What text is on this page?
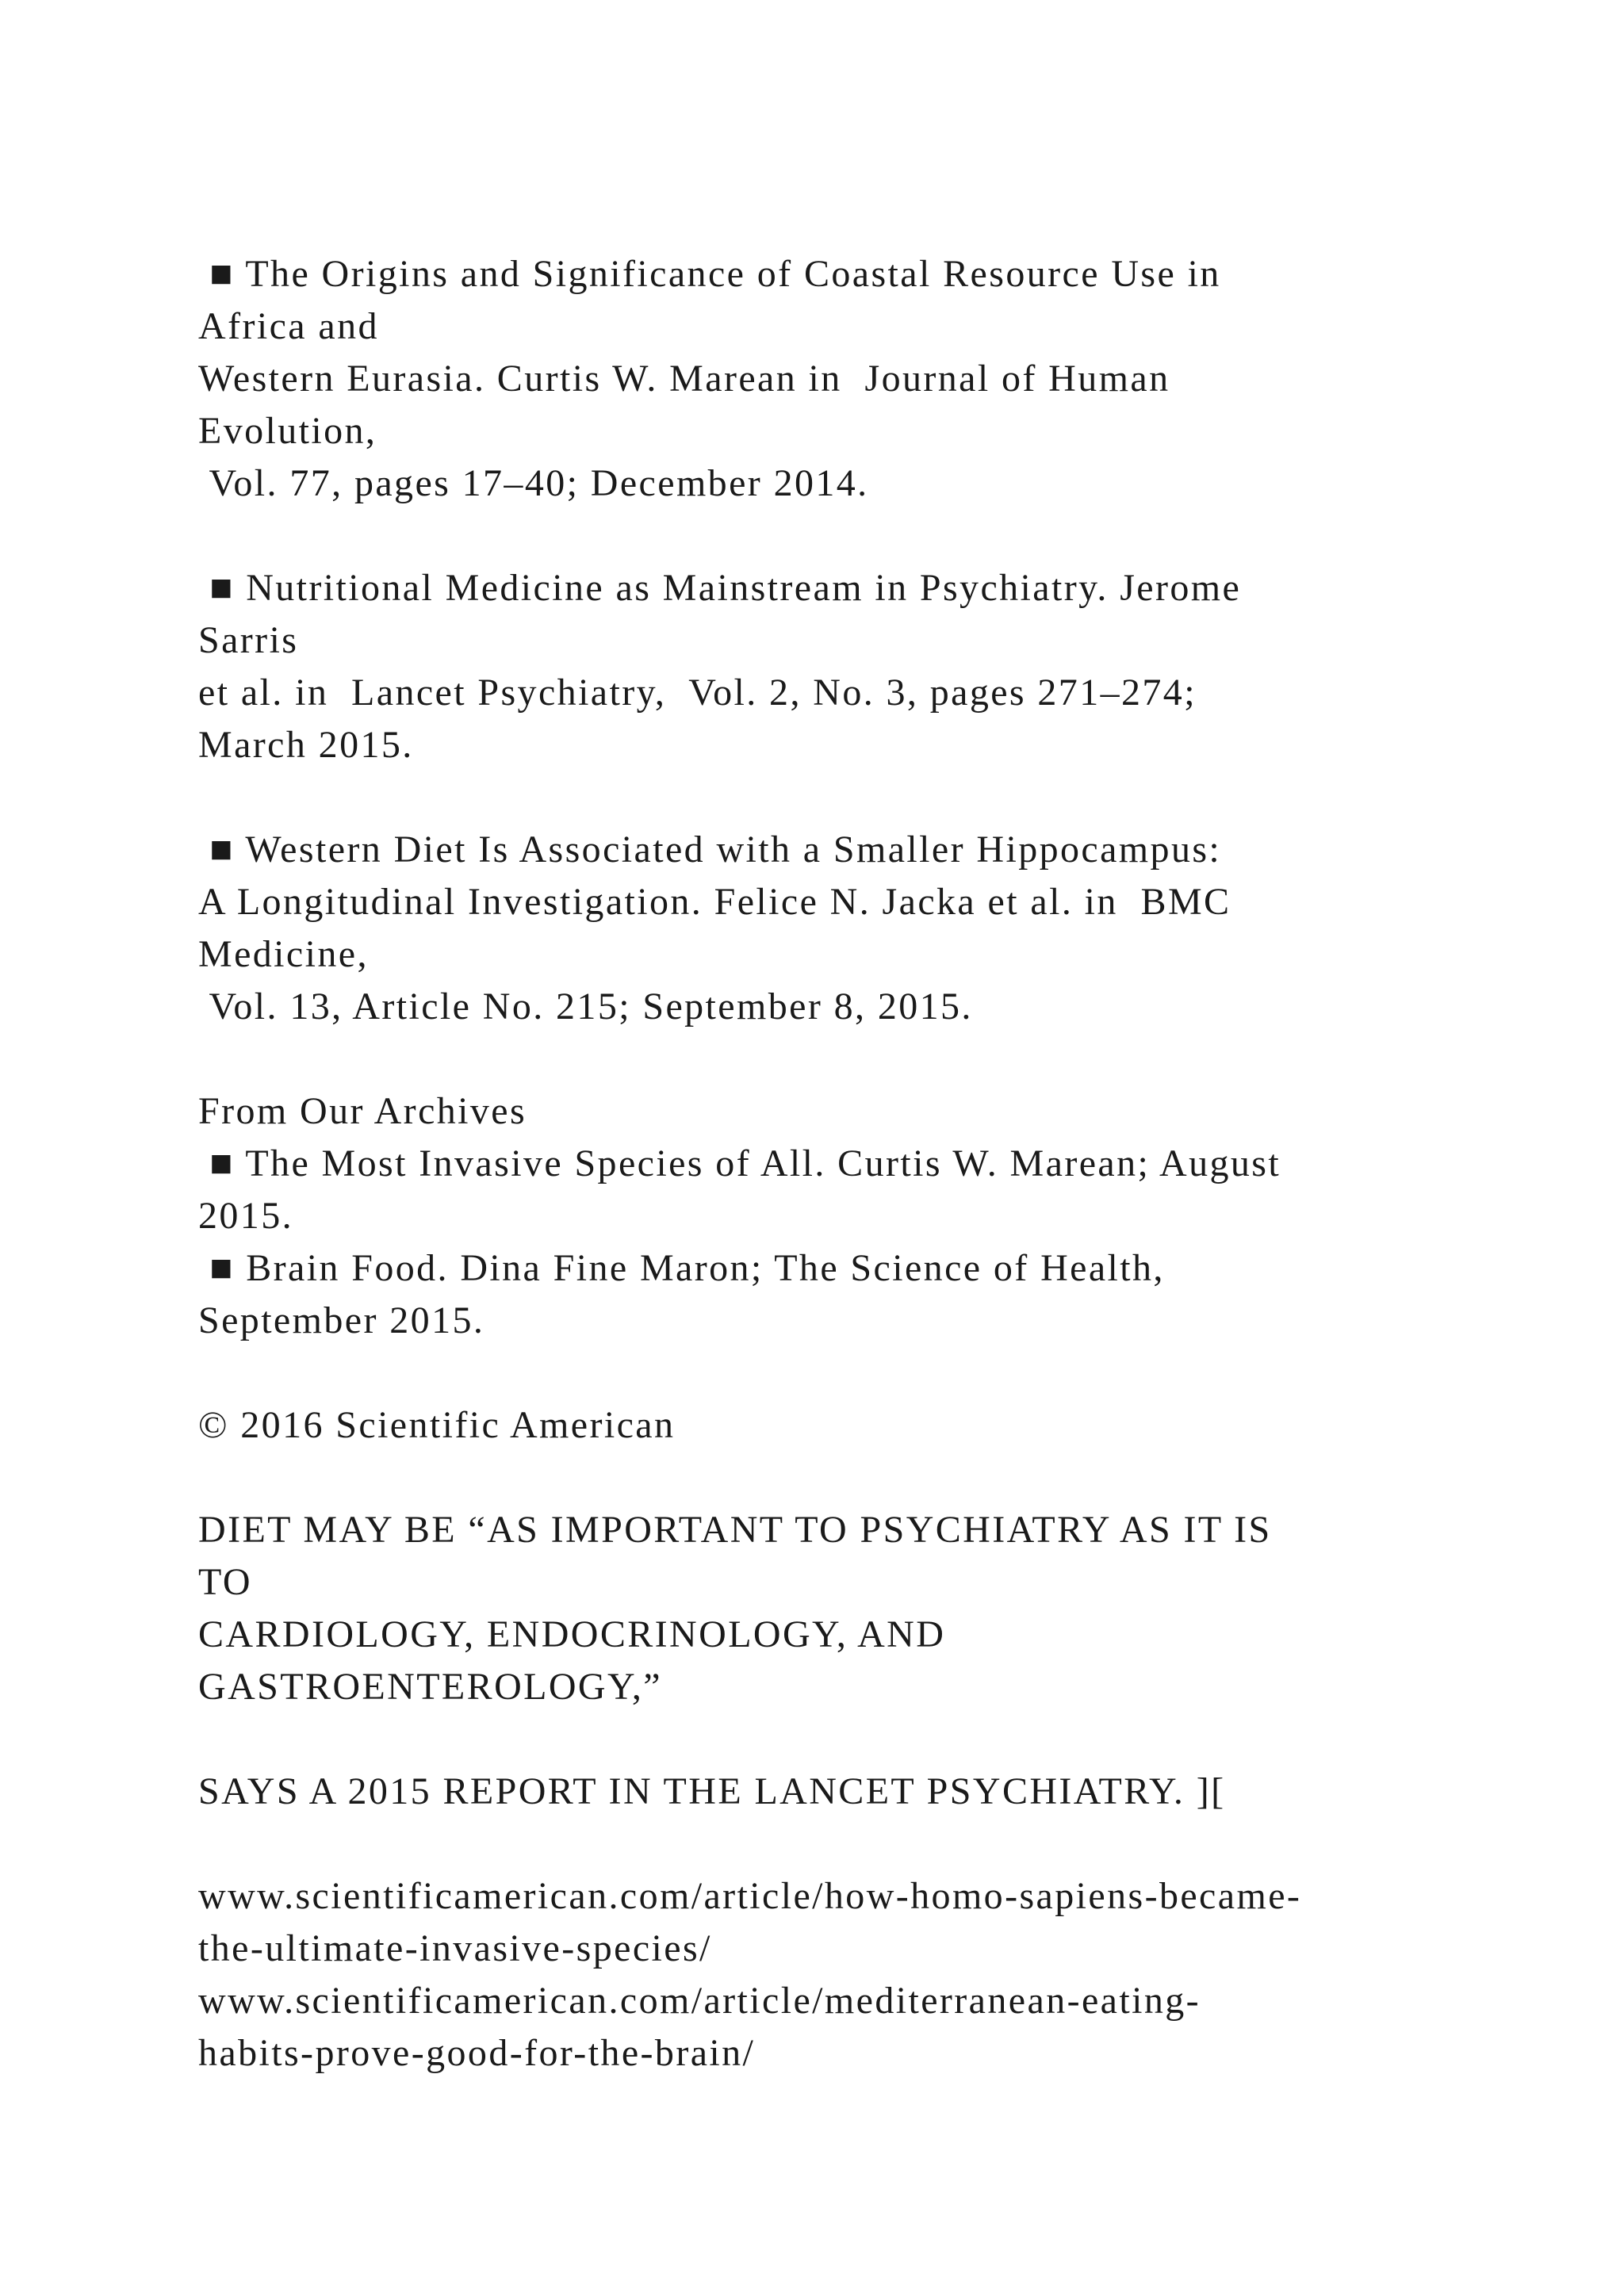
■ The Origins and Significance of Coastal Resource Use in
Africa and
Western Eurasia. Curtis W. Marean in  Journal of Human
Evolution,
Vol. 77, pages 17–40; December 2014.
■ Nutritional Medicine as Mainstream in Psychiatry. Jerome
Sarris
et al. in  Lancet Psychiatry,  Vol. 2, No. 3, pages 271–274;
March 2015.
■ Western Diet Is Associated with a Smaller Hippocampus:
A Longitudinal Investigation. Felice N. Jacka et al. in  BMC
Medicine,
Vol. 13, Article No. 215; September 8, 2015.
From Our Archives
■ The Most Invasive Species of All. Curtis W. Marean; August
2015.
■ Brain Food. Dina Fine Maron; The Science of Health,
September 2015.
© 2016 Scientific American
DIET MAY BE “AS IMPORTANT TO PSYCHIATRY AS IT IS
TO
CARDIOLOGY, ENDOCRINOLOGY, AND
GASTROENTEROLOGY,”
SAYS A 2015 REPORT IN THE LANCET PSYCHIATRY. ][
www.scientificamerican.com/article/how-homo-sapiens-became-
the-ultimate-invasive-species/
www.scientificamerican.com/article/mediterranean-eating-
habits-prove-good-for-the-brain/
